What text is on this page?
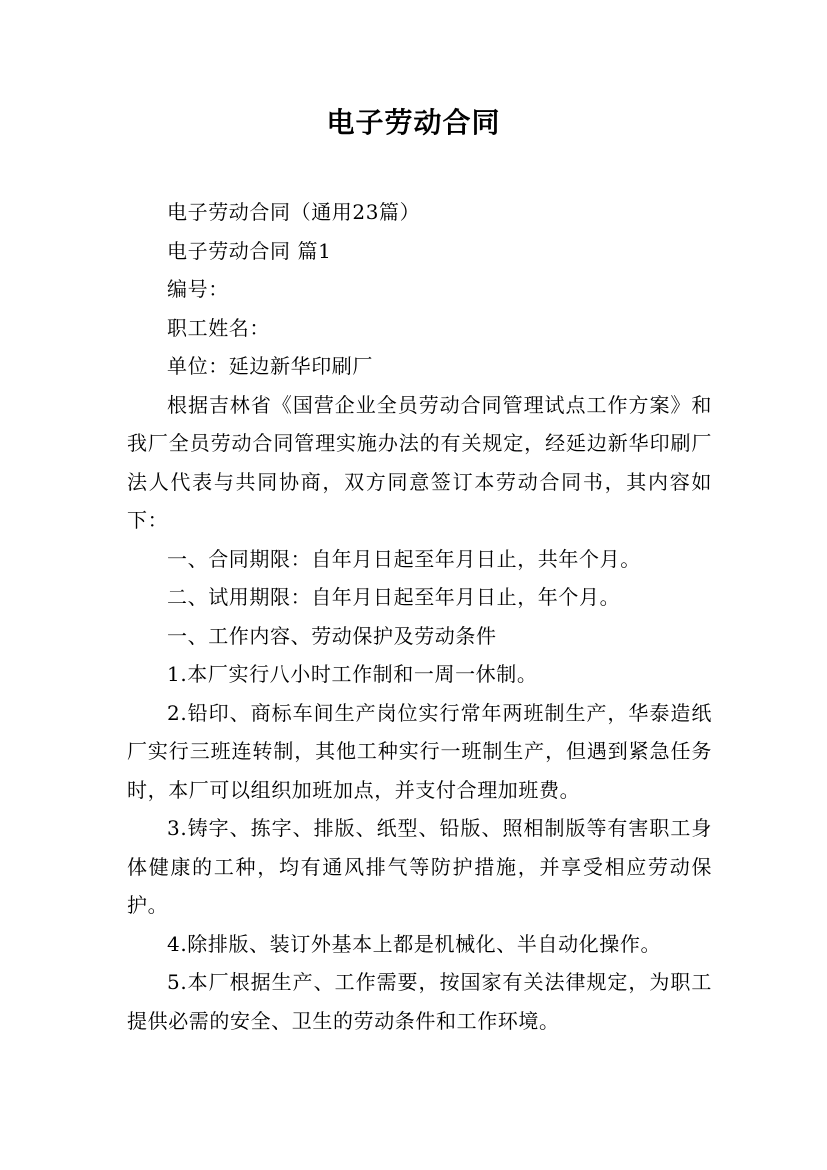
电子劳动合同

电子劳动合同（通用23篇）

电子劳动合同 篇1

编号：

职工姓名：

单位：延边新华印刷厂

根据吉林省《国营企业全员劳动合同管理试点工作方案》和我厂全员劳动合同管理实施办法的有关规定，经延边新华印刷厂法人代表与共同协商，双方同意签订本劳动合同书，其内容如下：

一、合同期限：自年月日起至年月日止，共年个月。

二、试用期限：自年月日起至年月日止，年个月。

一、工作内容、劳动保护及劳动条件

1.本厂实行八小时工作制和一周一休制。

2.铅印、商标车间生产岗位实行常年两班制生产，华泰造纸厂实行三班连转制，其他工种实行一班制生产，但遇到紧急任务时，本厂可以组织加班加点，并支付合理加班费。

3.铸字、拣字、排版、纸型、铅版、照相制版等有害职工身体健康的工种，均有通风排气等防护措施，并享受相应劳动保护。

4.除排版、装订外基本上都是机械化、半自动化操作。

5.本厂根据生产、工作需要，按国家有关法律规定，为职工提供必需的安全、卫生的劳动条件和工作环境。
